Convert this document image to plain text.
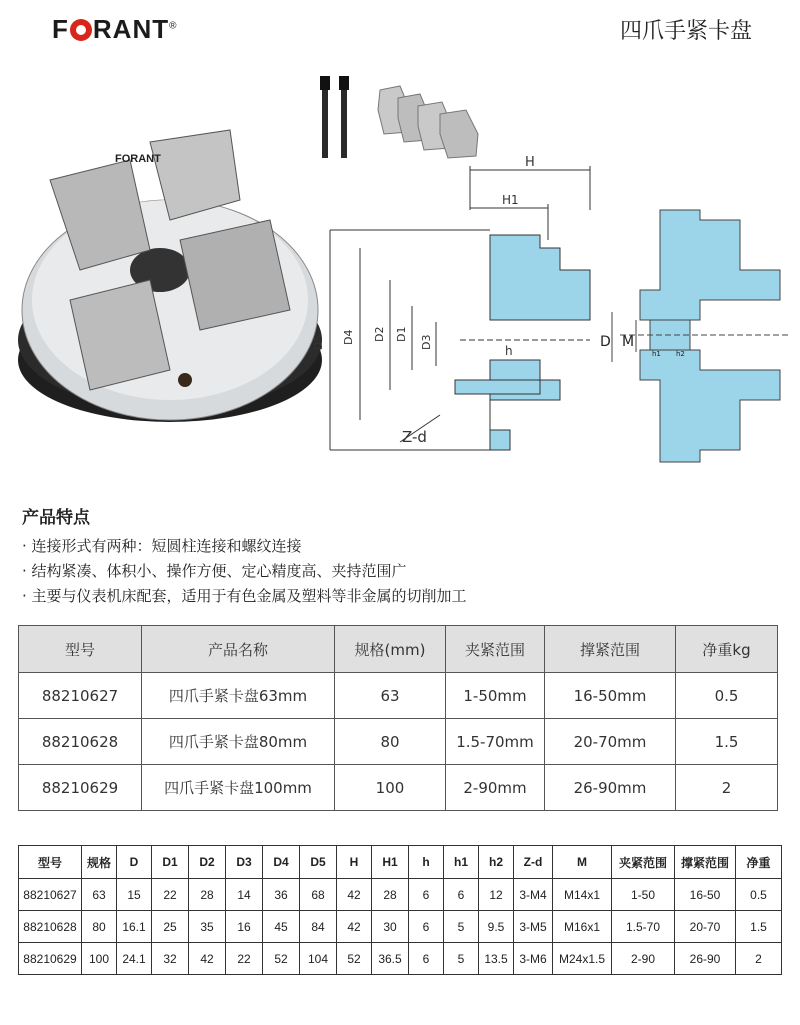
F RANT®	四爪手紧卡盘
FORANT	H
H1
D5 D4 D2 D1
D3
h
Z-d
D M
h1 h2
产品特点
· 连接形式有两种：短圆柱连接和螺纹连接
· 结构紧凑、体积小、操作方便、定心精度高、夹持范围广
· 主要与仪表机床配套，适用于有色金属及塑料等非金属的切削加工
型号	产品名称	规格(mm)	夹紧范围	撑紧范围	净重kg
88210627	四爪手紧卡盘63mm	63	1-50mm	16-50mm	0.5
88210628	四爪手紧卡盘80mm	80	1.5-70mm	20-70mm	1.5
88210629	四爪手紧卡盘100mm	100	2-90mm	26-90mm	2
型号	规格	D	D1	D2	D3	D4	D5	H	H1	h	h1	h2	Z-d	M	夹紧范围	撑紧范围	净重
88210627	63	15	22	28	14	36	68	42	28	6	6	12	3-M4	M14x1	1-50	16-50	0.5
88210628	80	16.1	25	35	16	45	84	42	30	6	5	9.5	3-M5	M16x1	1.5-70	20-70	1.5
88210629	100	24.1	32	42	22	52	104	52	36.5	6	5	13.5	3-M6	M24x1.5	2-90	26-90	2
